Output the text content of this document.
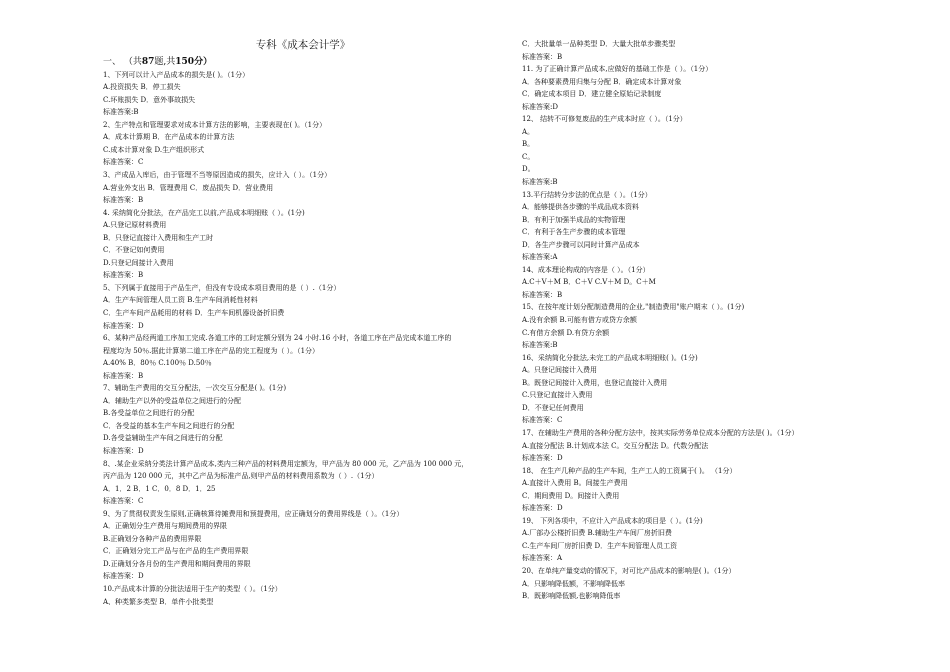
专科《成本会计学》
一、 （共87题,共150分）
1、下列可以计入产品成本的损失是( )。（1分）
A.投资损失 B．停工损失
C.坏账损失 D．意外事故损失
标准答案:B
2、生产特点和管理要求对成本计算方法的影响，主要表现在( )。（1分）
A．成本计算期 B．在产品成本的计算方法
C.成本计算对象 D.生产组织形式
标准答案：C
3、产成品入库后，由于管理不当等原因造成的损失，应计入（ ）。（1分）
A.营业外支出 B．管理费用 C．废品损失 D．营业费用
标准答案：B
4. 采纳简化分批法，在产品完工以前,产品成本明细账（ ）。(1分)
A.只登记原材料费用
B．只登记直接计入费用和生产工时
C．不登记如何费用
D.只登记间接计入费用
标准答案：B
5、下列属于直接用于产品生产，但没有专设成本项目费用的是（ ）.（1分）
A．生产车间管理人员工资 B.生产车间消耗性材料
C．生产车间产品耗用的材料 D．生产车间机器设备折旧费
标准答案：D
6、某种产品经两道工序加工完成.各道工序的工时定额分别为 24 小时.16 小时，各道工序在产品完成本道工序的
程度均为 50％.据此计算第二道工序在产品的完工程度为（ ）。（1分）
A.40% B．80％ C.100％ D.50％
标准答案：B
7、辅助生产费用的交互分配法，一次交互分配是( )。(1分)
A．辅助生产以外的受益单位之间进行的分配
B.各受益单位之间进行的分配
C．各受益的基本生产车间之间进行的分配
D.各受益辅助生产车间之间进行的分配
标准答案：D
8、.某企业采纳分类法计算产品成本,类内三种产品的材料费用定额为，甲产品为 80 000 元，乙产品为 100 000 元，
丙产品为 120 000 元，其中乙产品为标准产品,则甲产品的材料费用系数为（ ）.（1分）
A．1．2 B．1 C．0．8 D．1．25
标准答案：C
9、为了贯彻权责发生原则,正确核算待摊费用和预提费用，应正确划分的费用界线是（ ）。（1分）
A．正确划分生产费用与期间费用的界限
B.正确划分各种产品的费用界限
C．正确划分完工产品与在产品的生产费用界限
D.正确划分各月份的生产费用和期间费用的界限
标准答案：D
10.产品成本计算的分批法适用于生产的类型（ ）。（1分）
A、种类繁多类型 B．单件小批类型
C．大批量单一品种类型 D．大量大批单步骤类型
标准答案：B
11. 为了正确计算产品成本,应做好的基础工作是（ ）。（1分）
A．各种要素费用归集与分配 B．确定成本计算对象
C．确定成本项目 D．建立健全原始记录制度
标准答案:D
12、 结转不可修复废品的生产成本时应（ ）。（1分）
A。
B。
C。
D。
标准答案:B
13.平行结转分步法的优点是（ ）。（1分）
A．能够提供各步骤的半成品成本资料
B．有利于加强半成品的实物管理
C．有利于各生产步骤的成本管理
D．各生产步骤可以同时计算产品成本
标准答案:A
14、成本理论构成的内容是（ ）。（1分）
A.C＋V＋M B．C＋V C.V＋M D。C＋M
标准答案：B
15、在按年度计划分配制造费用的企业,"制造费用"账户期末（ ）。(1分)
A.没有余额 B.可能有借方或贷方余额
C.有借方余额 D.有贷方余额
标准答案:B
16、采纳简化分批法,未完工的产品成本明细账( )。(1分)
A。只登记间接计入费用
B。既登记间接计入费用，也登记直接计入费用
C.只登记直接计入费用
D．不登记任何费用
标准答案：C
17、在辅助生产费用的各种分配方法中，按其实际劳务单位成本分配的方法是( )。（1分）
A.直接分配法 B.计划成本法 C。交互分配法 D。代数分配法
标准答案：D
18、 在生产几种产品的生产车间，生产工人的工资属于( )。 （1分）
A.直接计入费用 B。间接生产费用
C．期间费用 D。间接计入费用
标准答案：D
19、 下列各项中，不应计入产品成本的项目是（ ）。(1分)
A.厂部办公楼折旧费 B.辅助生产车间厂房折旧费
C.生产车间厂房折旧费 D．生产车间管理人员工资
标准答案：A
20、在单纯产量变动的情况下，对可比产品成本的影响是( )。（1分）
A．只影响降低额，不影响降低率
B．既影响降低额,也影响降低率
